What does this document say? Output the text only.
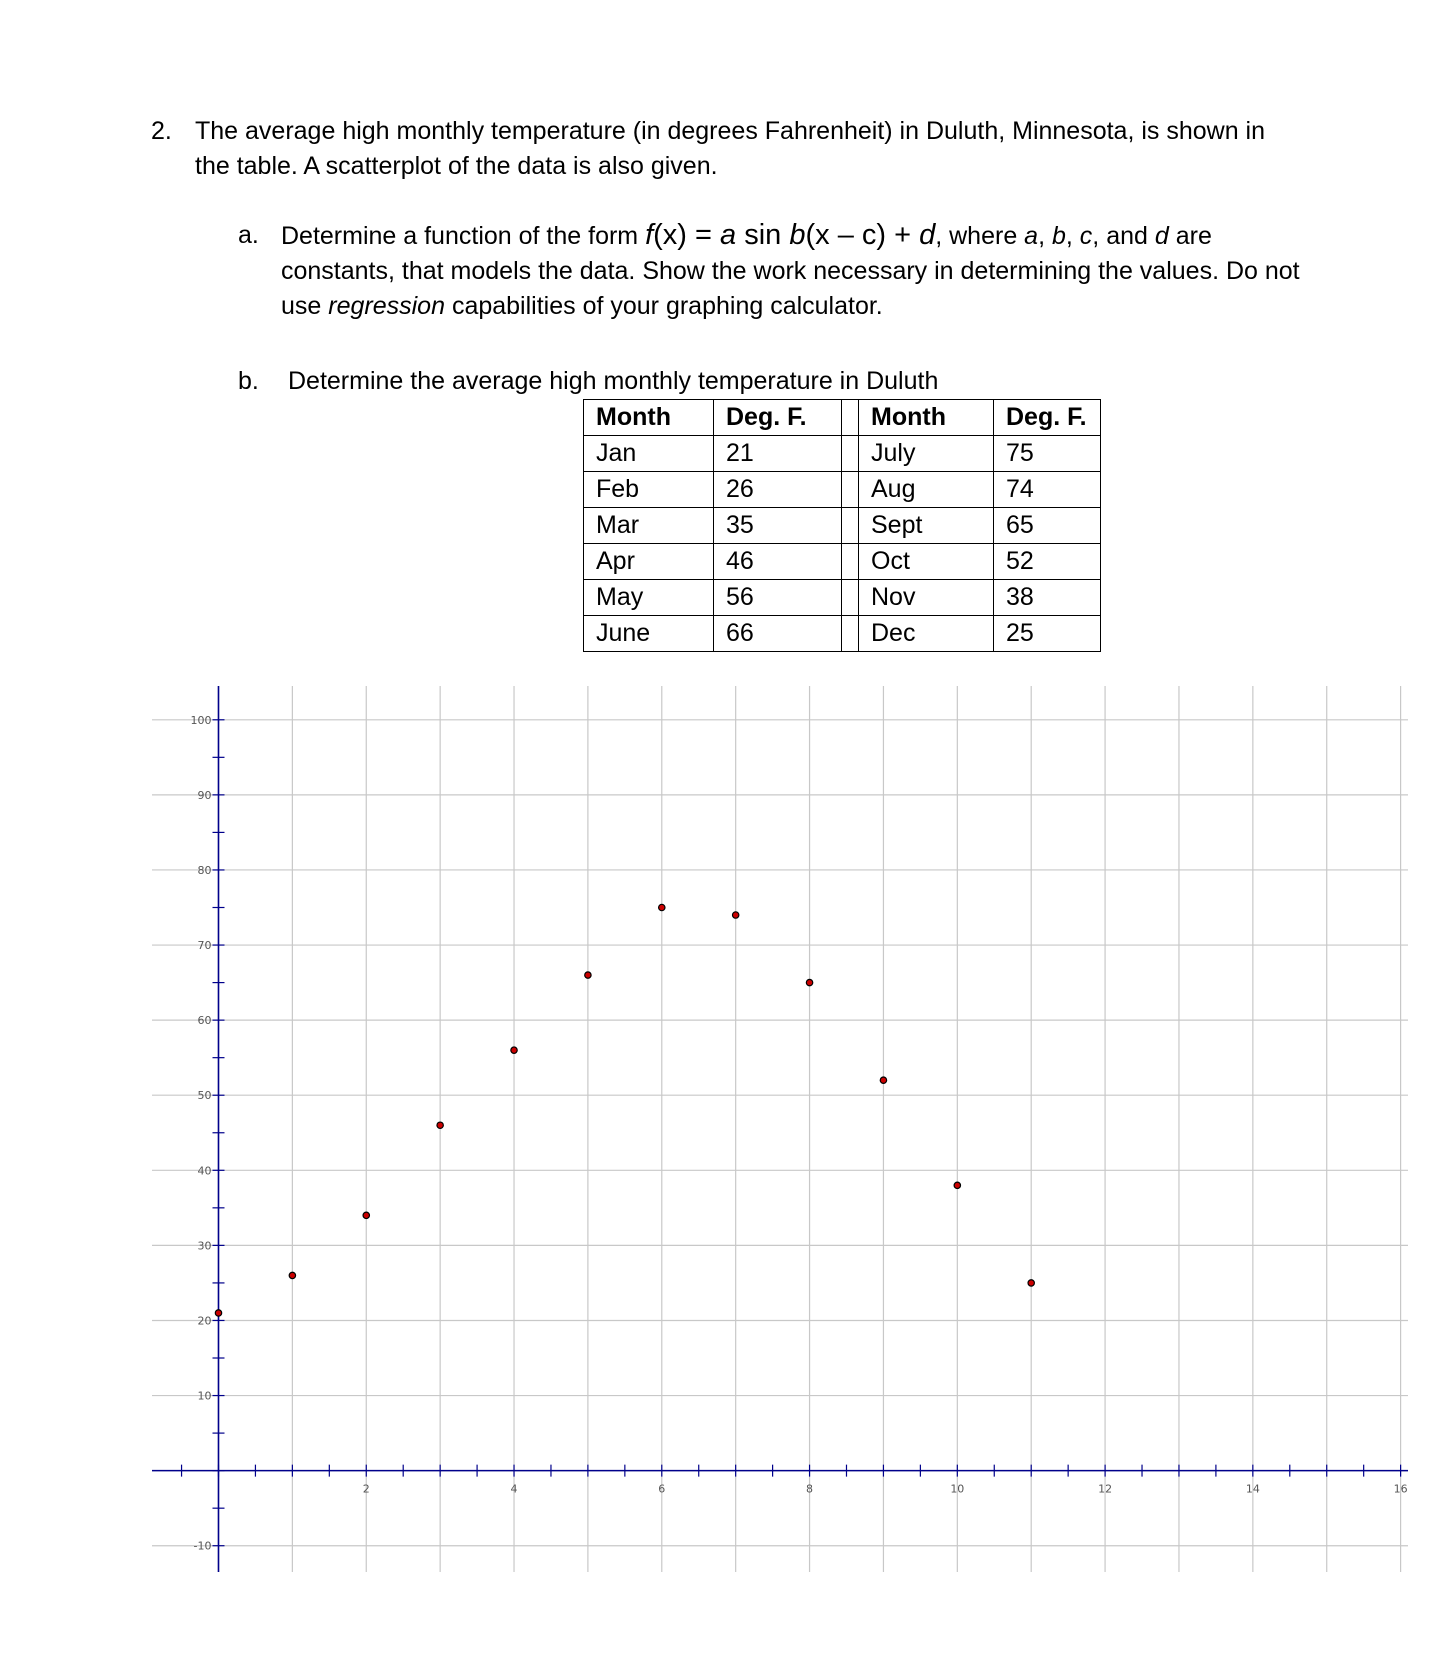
2. The average high monthly temperature (in degrees Fahrenheit) in Duluth, Minnesota, is shown in the table. A scatterplot of the data is also given.
a. Determine a function of the form f(x) = a sin b(x – c) + d, where a, b, c, and d are constants, that models the data. Show the work necessary in determining the values. Do not use regression capabilities of your graphing calculator.
b. Determine the average high monthly temperature in Duluth
Month	Deg. F.		Month	Deg. F.
Jan	21		July	75
Feb	26		Aug	74
Mar	35		Sept	65
Apr	46		Oct	52
May	56		Nov	38
June	66		Dec	25
2	4	6	8	10	12	14	16
100
90
80
70
60
50
40
30
20
10
-10
